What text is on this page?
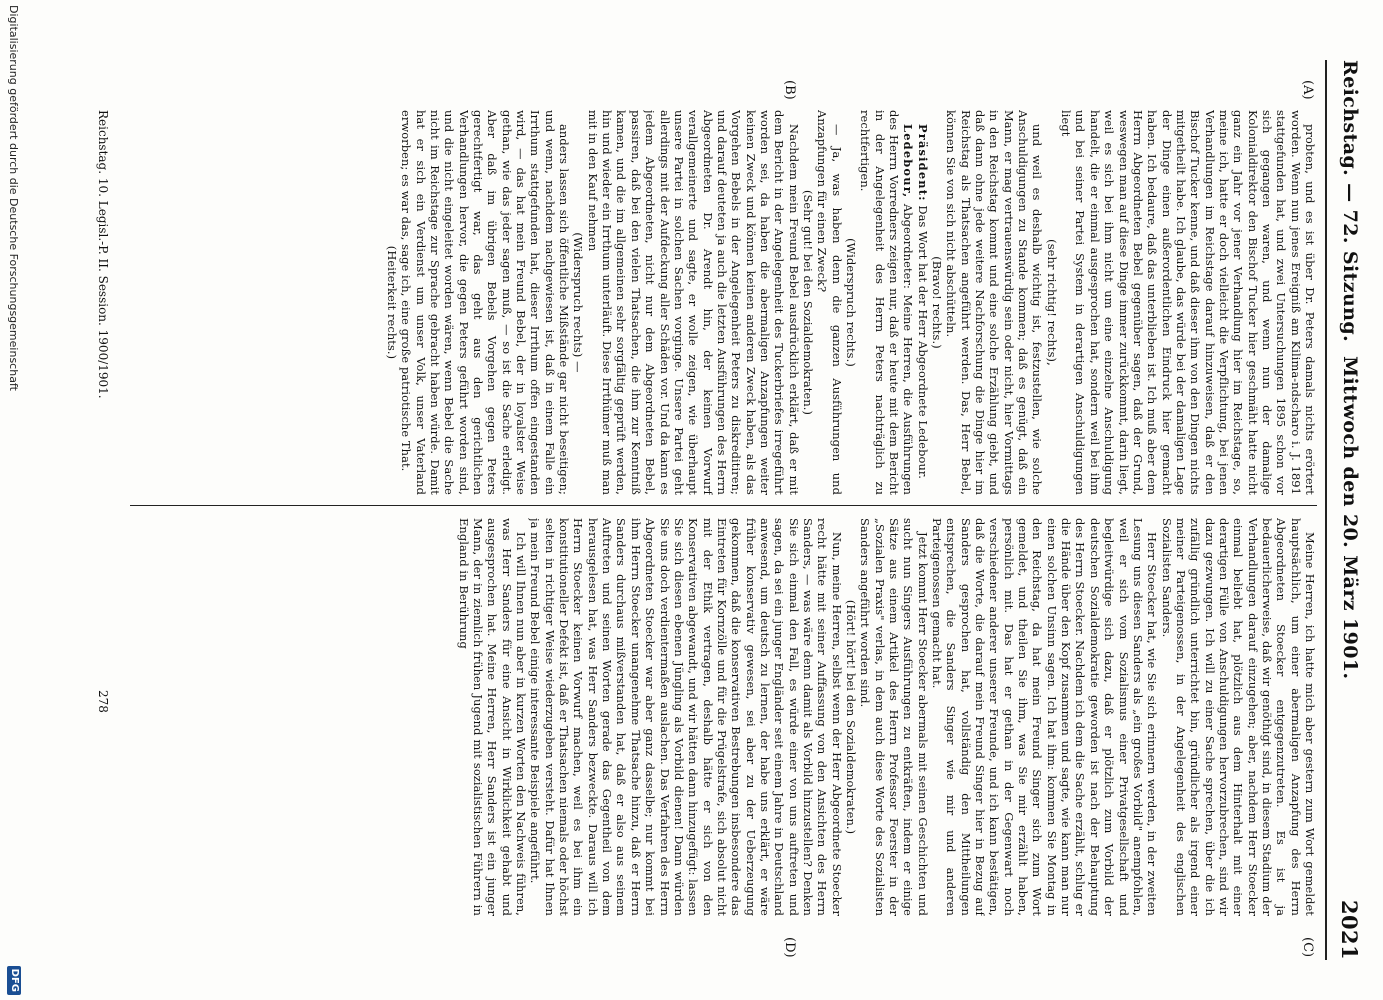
Reichstag. — 72. Sitzung.
Mittwoch den 20. März 1901.
2021
(A)
(B)
(C)
(D)

probten, und es ist über Dr. Peters damals nichts erörtert worden. Wenn nun jenes Ereigniß am Kilima-ndscharo i. J. 1891 stattgefunden hat, und zwei Untersuchungen 1895 schon vor sich gegangen waren, und wenn nun der damalige Kolonialdirektor den Bischof Tucker hier geschmäht hatte nicht ganz ein Jahr vor jener Verhandlung hier im Reichstage, so, meine ich, hatte er doch vielleicht die Verpflichtung, bei jenen Verhandlungen im Reichstage darauf hinzuweisen, daß er den Bischof Tucker kenne, und daß dieser ihm von den Dingen nichts mitgetheilt habe. Ich glaube, das würde bei der damaligen Lage der Dinge einen außerordentlichen Eindruck hier gemacht haben. Ich bedaure, daß das unterblieben ist. Ich muß aber dem Herrn Abgeordneten Bebel gegenüber sagen, daß der Grund, weswegen man auf diese Dinge immer zurückkommt, darin liegt, weil es sich bei ihm nicht um eine einzelne Anschuldigung handelt, die er einmal ausgesprochen hat, sondern weil bei ihm und bei seiner Partei System in derartigen Anschuldigungen liegt

(sehr richtig! rechts),

und weil es deshalb wichtig ist, festzustellen, wie solche Anschuldigungen zu Stande kommen; daß es genügt, daß ein Mann, er mag vertrauenswürdig sein oder nicht, hier Vormittags in den Reichstag kommt und eine solche Erzählung giebt, und daß dann ohne jede weitere Nachforschung die Dinge hier im Reichstag als Thatsachen angeführt werden. Das, Herr Bebel, können Sie von sich nicht abschütteln.

(Bravo! rechts.)

Präsident: Das Wort hat der Herr Abgeordnete Ledebour.

Ledebour, Abgeordneter: Meine Herren, die Ausführungen des Herrn Vorredners zeigen nur, daß er heute mit dem Bericht in der Angelegenheit des Herrn Peters nachträglich zu rechtfertigen.

(Widerspruch rechts.)

— Ja, was haben denn die ganzen Ausführungen und Anzapfungen für einen Zweck?

(Sehr gut! bei den Sozialdemokraten.)

Nachdem mein Freund Bebel ausdrücklich erklärt, daß er mit dem Bericht in der Angelegenheit des Tuckerbriefes irregeführt worden sei, da haben die abermaligen Anzapfungen weiter keinen Zweck und können keinen anderen Zweck haben, als das Vorgehen Bebels in der Angelegenheit Peters zu diskreditiren; und darauf deuteten ja auch die letzten Ausführungen des Herrn Abgeordneten Dr. Arendt hin, der keinen Vorwurf verallgemeinerte und sagte, er wolle zeigen, wie überhaupt unsere Partei in solchen Sachen vorginge. Unsere Partei geht allerdings mit der Aufdeckung aller Schäden vor. Und da kann es jedem Abgeordneten, nicht nur dem Abgeordneten Bebel, passiren, daß bei den vielen Thatsachen, die ihm zur Kenntniß kamen, und die im allgemeinen sehr sorgfältig geprüft werden, hin und wieder ein Irrthum unterläuft. Diese Irrthümer muß man mit in den Kauf nehmen

(Widerspruch rechts) —

anders lassen sich öffentliche Mißstände gar nicht beseitigen; und wenn, nachdem nachgewiesen ist, daß in einem Falle ein Irrthum stattgefunden hat, dieser Irrthum offen eingestanden wird, — das hat mein Freund Bebel, der in loyalster Weise gethan, wie das jeder sagen muß, — so ist die Sache erledigt. Aber daß im übrigen Bebels Vorgehen gegen Peters gerechtfertigt war, das geht aus den gerichtlichen Verhandlungen hervor, die gegen Peters geführt worden sind, und die nicht eingeleitet worden wären, wenn Bebel die Sache nicht im Reichstage zur Sprache gebracht haben würde. Damit hat er sich ein Verdienst um unser Volk, unser Vaterland erworben; es war das, sage ich, eine große patriotische That.

(Heiterkeit rechts.)

Meine Herren, ich hatte mich aber gestern zum Wort gemeldet hauptsächlich, um einer abermaligen Anzapfung des Herrn Abgeordneten Stoecker entgegenzutreten. Es ist ja bedauerlicherweise, daß wir genöthigt sind, in diesem Stadium der Verhandlungen darauf einzugehen; aber, nachdem Herr Stoecker einmal beliebt hat, plötzlich aus dem Hinterhalt mit einer derartigen Fülle von Anschuldigungen hervorzubrechen, sind wir dazu gezwungen. Ich will zu einer Sache sprechen, über die ich zufällig gründlich unterrichtet bin, gründlicher als irgend einer meiner Parteigenossen, in der Angelegenheit des englischen Sozialisten Sanders.

Herr Stoecker hat, wie Sie sich erinnern werden, in der zweiten Lesung uns diesen Sanders als „ein großes Vorbild" anempfohlen, weil er sich vom Sozialismus einer Privatgesellschaft und begleitwürdige sich dazu, daß er plötzlich zum Vorbild der deutschen Sozialdemokratie geworden ist nach der Behauptung des Herrn Stoecker. Nachdem ich dem die Sache erzählt, schlug er die Hände über den Kopf zusammen und sagte, wie kann man nur einen solchen Unsinn sagen. Ich hat ihm: kommen Sie Montag in den Reichstag, da hat mein Freund Singer sich zum Wort gemeldet, und theilen Sie ihm, was Sie mir erzählt haben, persönlich mit. Das hat er gethan in der Gegenwart noch verschiedener anderer unserer Freunde, und ich kann bestätigen, daß die Worte, die darauf mein Freund Singer hier in Bezug auf Sanders gesprochen hat, vollständig den Mittheilungen entsprechen, die Sanders Singer wie mir und anderen Parteigenossen gemacht hat.

Jetzt kommt Herr Stoecker abermals mit seinen Geschichten und sucht nun Singers Ausführungen zu entkräften, indem er einige Sätze aus einem Artikel des Herrn Professor Foerster in der „Sozialen Praxis" verlas, in dem auch diese Worte des Sozialisten Sanders angeführt worden sind.

(Hört! hört! bei den Sozialdemokraten.)

Nun, meine Herren, selbst wenn der Herr Abgeordnete Stoecker recht hätte mit seiner Auffassung von den Ansichten des Herrn Sanders, — was wäre denn damit als Vorbild hinzustellen? Denken Sie sich einmal den Fall, es würde einer von uns auftreten und sagen, da sei ein junger Engländer seit einem Jahre in Deutschland anwesend, um deutsch zu lernen, der habe uns erklärt, er wäre früher konservativ gewesen, sei aber zu der Ueberzeugung gekommen, daß die konservativen Bestrebungen insbesondere das Eintreten für Kornzölle und für die Prügelstrafe, sich absolut nicht mit der Ethik vertragen, deshalb hätte er sich von den Konservativen abgewandt, und wir hätten dann hinzugefügt: lassen Sie sich diesen ebenen Jüngling als Vorbild dienen! Dann würden Sie uns doch verdientermaßen auslachen. Das Verfahren des Herrn Abgeordneten Stoecker war aber ganz dasselbe; nur kommt bei ihm Herrn Stoecker unangenehme Thatsache hinzu, daß er Herrn Sanders durchaus mißverstanden hat, daß er also aus seinem Auftreten und seinen Worten gerade das Gegentheil von dem herausgelesen hat, was Herr Sanders bezweckte. Daraus will ich Herrn Stoecker keinen Vorwurf machen, weil es bei ihm ein konstitutioneller Defekt ist, daß er Thatsachen niemals oder höchst selten in richtiger Weise wiederzugeben versteht. Dafür hat Ihnen ja mein Freund Bebel einige interessante Beispiele angeführt.

Ich will Ihnen nun aber in kurzen Worten den Nachweis führen, was Herr Sanders für eine Ansicht in Wirklichkeit gehabt und ausgesprochen hat. Meine Herren, Herr Sanders ist ein junger Mann, der in ziemlich frühen Jugend mit sozialistischen Führern in England in Berührung

Reichstag. 10. Legisl.-P. II. Session. 1900/1901.
278
Digitalisierung gefördert durch die Deutsche Forschungsgemeinschaft
DFG
